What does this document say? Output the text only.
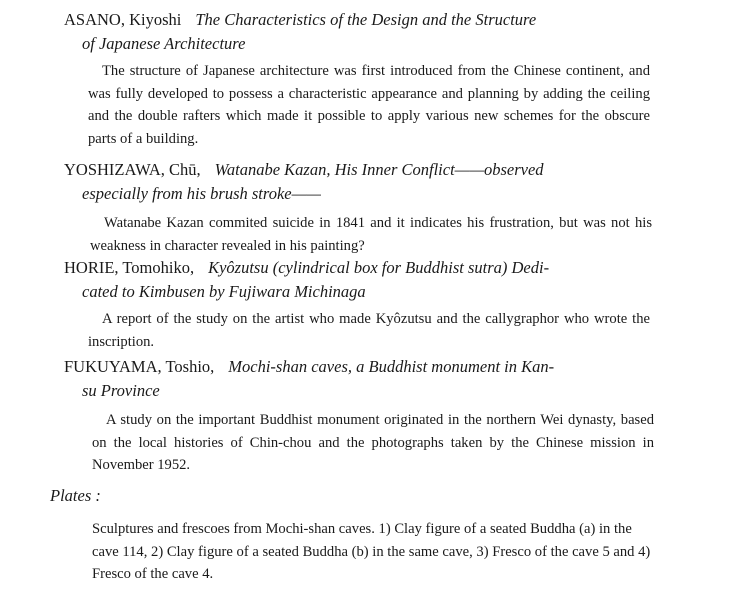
ASANO, Kiyoshi The Characteristics of the Design and the Structure
of Japanese Architecture
The structure of Japanese architecture was first introduced from the Chinese continent, and was fully developed to possess a characteristic appearance and planning by adding the ceiling and the double rafters which made it possible to apply various new schemes for the obscure parts of a building.
YOSHIZAWA, Chū, Watanabe Kazan, His Inner Conflict——observed
especially from his brush stroke——
Watanabe Kazan commited suicide in 1841 and it indicates his frustration, but was not his weakness in character revealed in his painting?
HORIE, Tomohiko, Kyôzutsu (cylindrical box for Buddhist sutra) Dedi-
cated to Kimbusen by Fujiwara Michinaga
A report of the study on the artist who made Kyôzutsu and the callygraphor who wrote the inscription.
FUKUYAMA, Toshio, Mochi-shan caves, a Buddhist monument in Kan-
su Province
A study on the important Buddhist monument originated in the northern Wei dynasty, based on the local histories of Chin-chou and the photographs taken by the Chinese mission in November 1952.
Plates :
Sculptures and frescoes from Mochi-shan caves. 1) Clay figure of a seated Buddha (a) in the cave 114, 2) Clay figure of a seated Buddha (b) in the same cave, 3) Fresco of the cave 5 and 4) Fresco of the cave 4.
